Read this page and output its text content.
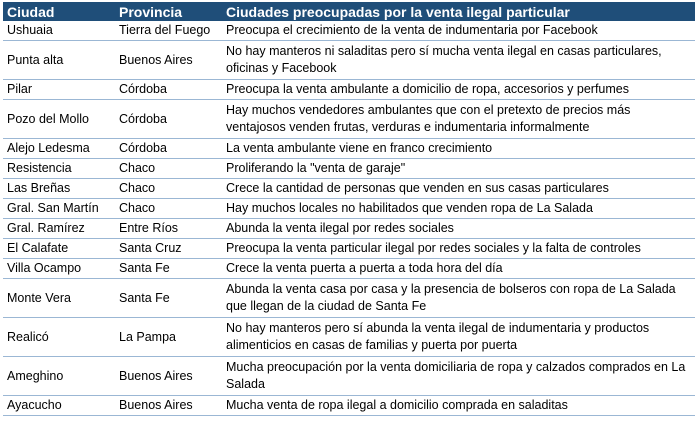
Ciudad	Provincia	Ciudades preocupadas por la venta ilegal particular
Ushuaia	Tierra del Fuego	Preocupa el crecimiento de la venta de indumentaria por Facebook
Punta alta	Buenos Aires	No hay manteros ni saladitas pero sí mucha venta ilegal en casas particulares, oficinas y Facebook
Pilar	Córdoba	Preocupa la venta ambulante a domicilio de ropa, accesorios y perfumes
Pozo del Mollo	Córdoba	Hay muchos vendedores ambulantes que con el pretexto de precios más ventajosos venden frutas, verduras e indumentaria informalmente
Alejo Ledesma	Córdoba	La venta ambulante viene en franco crecimiento
Resistencia	Chaco	Proliferando la "venta de garaje"
Las Breñas	Chaco	Crece la cantidad de personas que venden en sus casas particulares
Gral. San Martín	Chaco	Hay muchos locales no habilitados que venden ropa de La Salada
Gral. Ramírez	Entre Ríos	Abunda la venta ilegal por redes sociales
El Calafate	Santa Cruz	Preocupa la venta particular ilegal por redes sociales y la falta de controles
Villa Ocampo	Santa Fe	Crece la venta puerta a puerta a toda hora del día
Monte Vera	Santa Fe	Abunda la venta casa por casa y la presencia de bolseros con ropa de La Salada que llegan de la ciudad de Santa Fe
Realicó	La Pampa	No hay manteros pero sí abunda la venta ilegal de indumentaria y productos alimenticios en casas de familias y puerta por puerta
Ameghino	Buenos Aires	Mucha preocupación por la venta domiciliaria de ropa y calzados comprados en La Salada
Ayacucho	Buenos Aires	Mucha venta de ropa ilegal a domicilio comprada en saladitas
